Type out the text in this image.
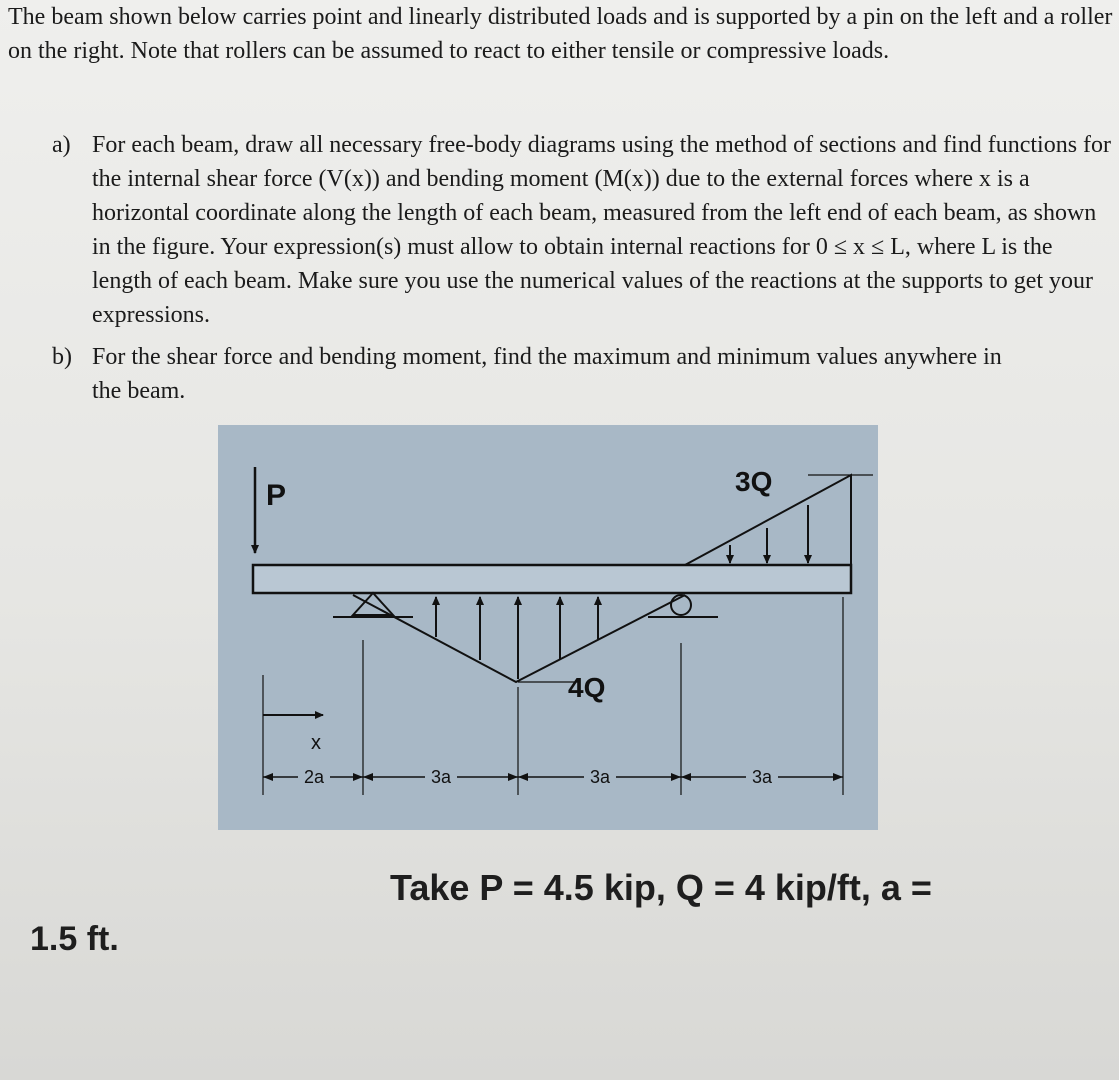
The beam shown below carries point and linearly distributed loads and is supported by a pin on the left and a roller on the right. Note that rollers can be assumed to react to either tensile or compressive loads.

a) For each beam, draw all necessary free-body diagrams using the method of sections and find functions for the internal shear force (V(x)) and bending moment (M(x)) due to the external forces where x is a horizontal coordinate along the length of each beam, measured from the left end of each beam, as shown in the figure. Your expression(s) must allow to obtain internal reactions for 0 ≤ x ≤ L, where L is the length of each beam. Make sure you use the numerical values of the reactions at the supports to get your expressions.
b) For the shear force and bending moment, find the maximum and minimum values anywhere in the beam.
P	3Q
4Q
x
2a	3a	3a	3a

Take P = 4.5 kip, Q = 4 kip/ft, a =

1.5 ft.
